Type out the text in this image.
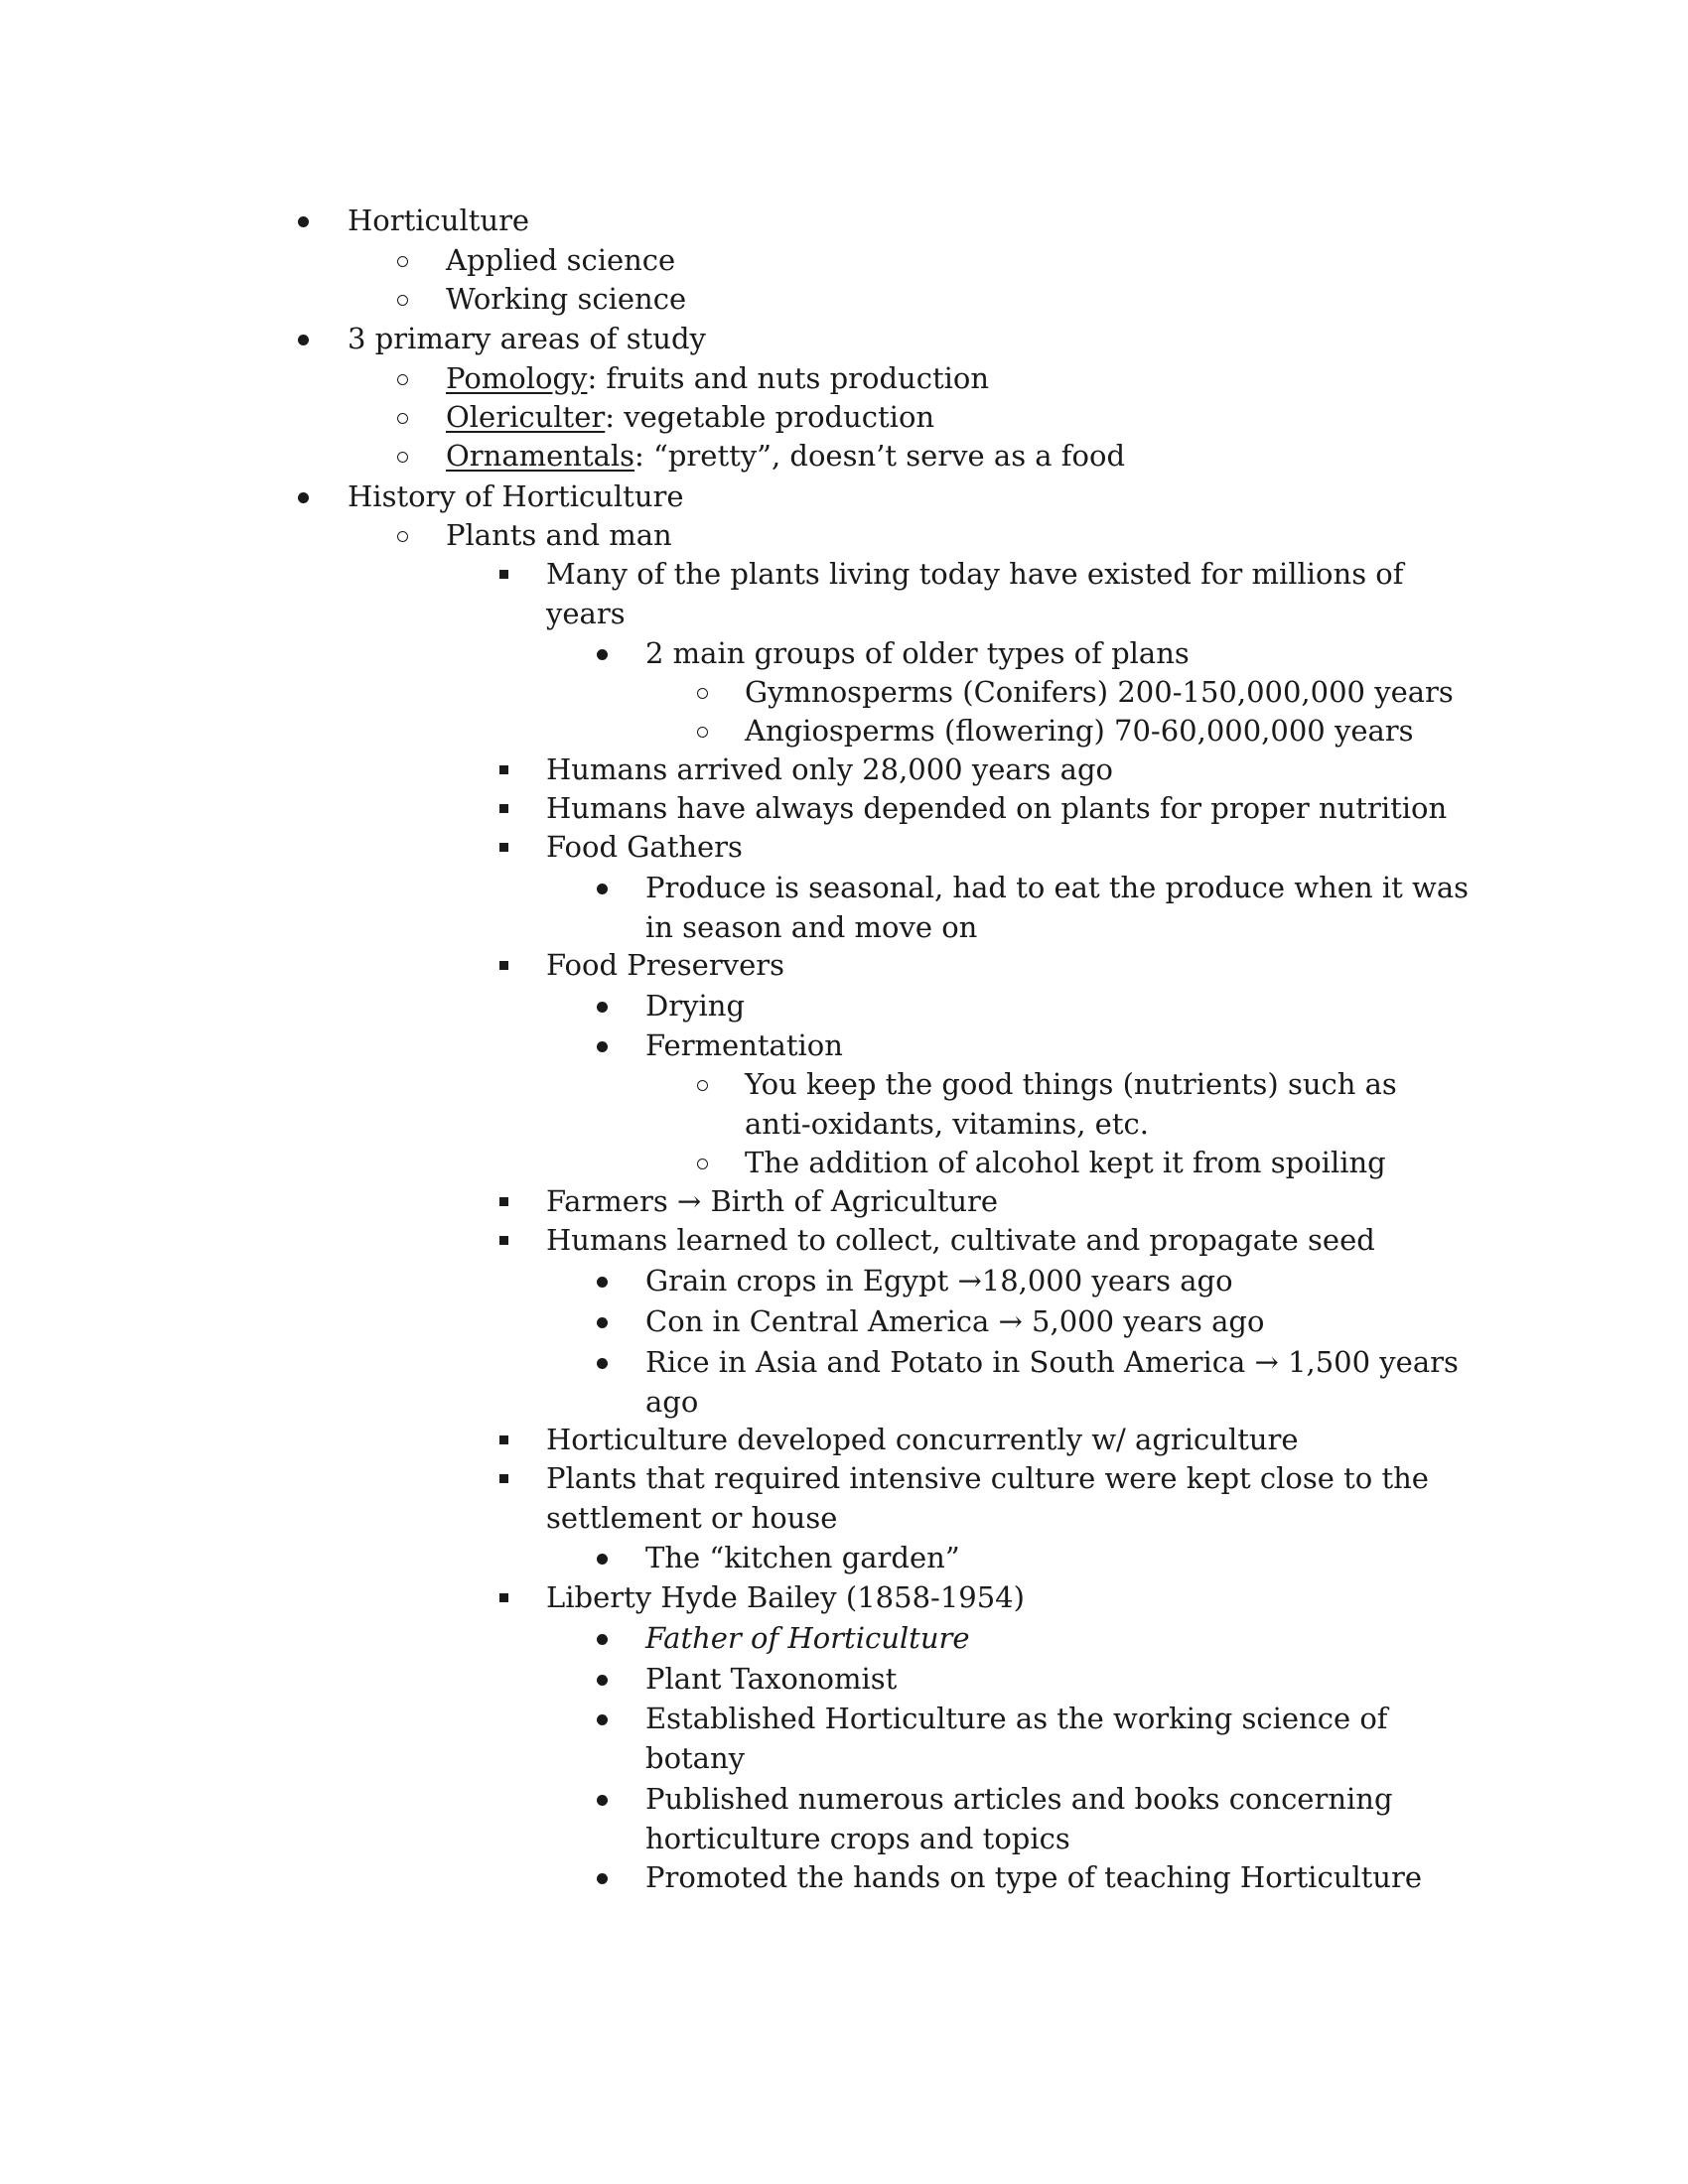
Horticulture
Applied science
Working science
3 primary areas of study
Pomology: fruits and nuts production
Olericulter: vegetable production
Ornamentals: “pretty”, doesn’t serve as a food
History of Horticulture
Plants and man
Many of the plants living today have existed for millions of
years
2 main groups of older types of plans
Gymnosperms (Conifers) 200-150,000,000 years
Angiosperms (flowering) 70-60,000,000 years
Humans arrived only 28,000 years ago
Humans have always depended on plants for proper nutrition
Food Gathers
Produce is seasonal, had to eat the produce when it was
in season and move on
Food Preservers
Drying
Fermentation
You keep the good things (nutrients) such as
anti-oxidants, vitamins, etc.
The addition of alcohol kept it from spoiling
Farmers → Birth of Agriculture
Humans learned to collect, cultivate and propagate seed
Grain crops in Egypt →18,000 years ago
Con in Central America → 5,000 years ago
Rice in Asia and Potato in South America → 1,500 years
ago
Horticulture developed concurrently w/ agriculture
Plants that required intensive culture were kept close to the
settlement or house
The “kitchen garden”
Liberty Hyde Bailey (1858-1954)
Father of Horticulture
Plant Taxonomist
Established Horticulture as the working science of
botany
Published numerous articles and books concerning
horticulture crops and topics
Promoted the hands on type of teaching Horticulture
